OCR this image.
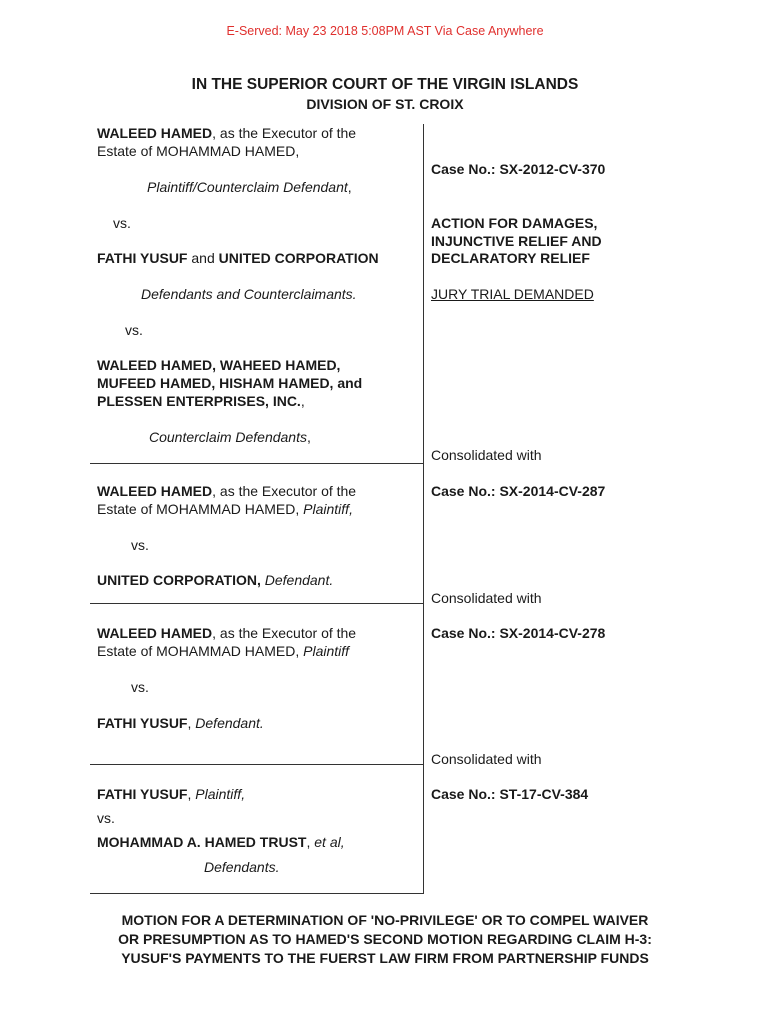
E-Served: May 23 2018 5:08PM AST Via Case Anywhere
IN THE SUPERIOR COURT OF THE VIRGIN ISLANDS
DIVISION OF ST. CROIX
WALEED HAMED, as the Executor of the
Estate of MOHAMMAD HAMED,
Plaintiff/Counterclaim Defendant,
vs.
FATHI YUSUF and UNITED CORPORATION
Defendants and Counterclaimants.
vs.
WALEED HAMED, WAHEED HAMED,
MUFEED HAMED, HISHAM HAMED, and
PLESSEN ENTERPRISES, INC.,
Counterclaim Defendants,
Case No.: SX-2012-CV-370
ACTION FOR DAMAGES,
INJUNCTIVE RELIEF AND
DECLARATORY RELIEF
JURY TRIAL DEMANDED
Consolidated with
WALEED HAMED, as the Executor of the
Estate of MOHAMMAD HAMED, Plaintiff,
vs.
UNITED CORPORATION, Defendant.
Case No.: SX-2014-CV-287
Consolidated with
WALEED HAMED, as the Executor of the
Estate of MOHAMMAD HAMED, Plaintiff
vs.
FATHI YUSUF, Defendant.
Case No.: SX-2014-CV-278
Consolidated with
FATHI YUSUF, Plaintiff,
vs.
MOHAMMAD A. HAMED TRUST, et al,
Defendants.
Case No.: ST-17-CV-384
MOTION FOR A DETERMINATION OF 'NO-PRIVILEGE' OR TO COMPEL WAIVER
OR PRESUMPTION AS TO HAMED'S SECOND MOTION REGARDING CLAIM H-3:
YUSUF'S PAYMENTS TO THE FUERST LAW FIRM FROM PARTNERSHIP FUNDS
